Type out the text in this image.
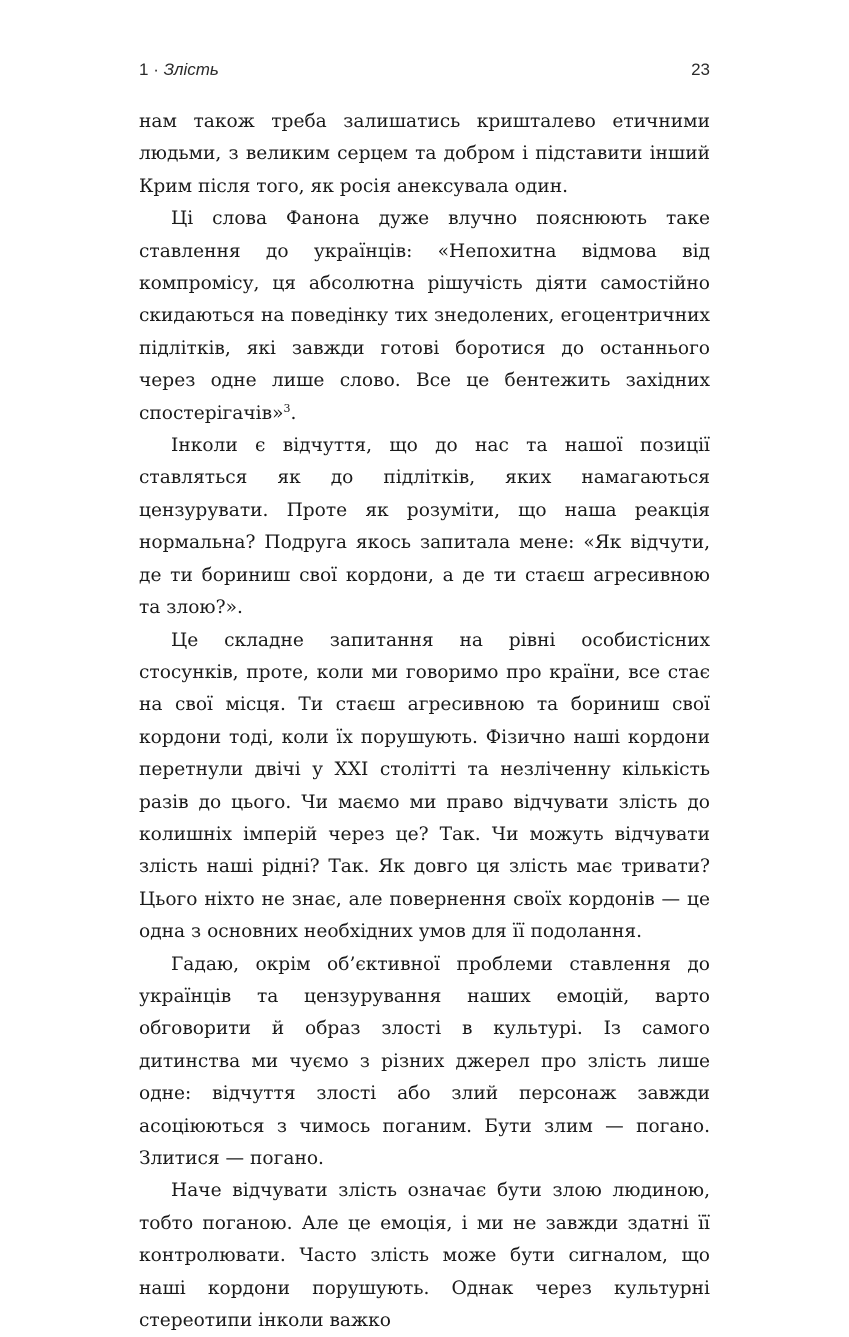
1 · Злість	23

нам також треба залишатись кришталево етичними людьми, з великим серцем та добром і підставити інший Крим після того, як росія анексувала один.

Ці слова Фанона дуже влучно пояснюють таке ставлення до українців: «Непохитна відмова від компромісу, ця абсолютна рішучість діяти самостійно скидаються на поведінку тих знедолених, егоцентричних підлітків, які завжди готові боротися до останнього через одне лише слово. Все це бентежить західних спостерігачів»$^3$.

Інколи є відчуття, що до нас та нашої позиції ставляться як до підлітків, яких намагаються цензурувати. Проте як розуміти, що наша реакція нормальна? Подруга якось запитала мене: «Як відчути, де ти бориниш свої кордони, а де ти стаєш агресивною та злою?».

Це складне запитання на рівні особистісних стосунків, проте, коли ми говоримо про країни, все стає на свої місця. Ти стаєш агресивною та бориниш свої кордони тоді, коли їх порушують. Фізично наші кордони перетнули двічі у XXI столітті та незліченну кількість разів до цього. Чи маємо ми право відчувати злість до колишніх імперій через це? Так. Чи можуть відчувати злість наші рідні? Так. Як довго ця злість має тривати? Цього ніхто не знає, але повернення своїх кордонів — це одна з основних необхідних умов для її подолання.

Гадаю, окрім об’єктивної проблеми ставлення до українців та цензурування наших емоцій, варто обговорити й образ злості в культурі. Із самого дитинства ми чуємо з різних джерел про злість лише одне: відчуття злості або злий персонаж завжди асоціюються з чимось поганим. Бути злим — погано. Злитися — погано.

Наче відчувати злість означає бути злою людиною, тобто поганою. Але це емоція, і ми не завжди здатні її контролювати. Часто злість може бути сигналом, що наші кордони порушують. Однак через культурні стереотипи інколи важко
